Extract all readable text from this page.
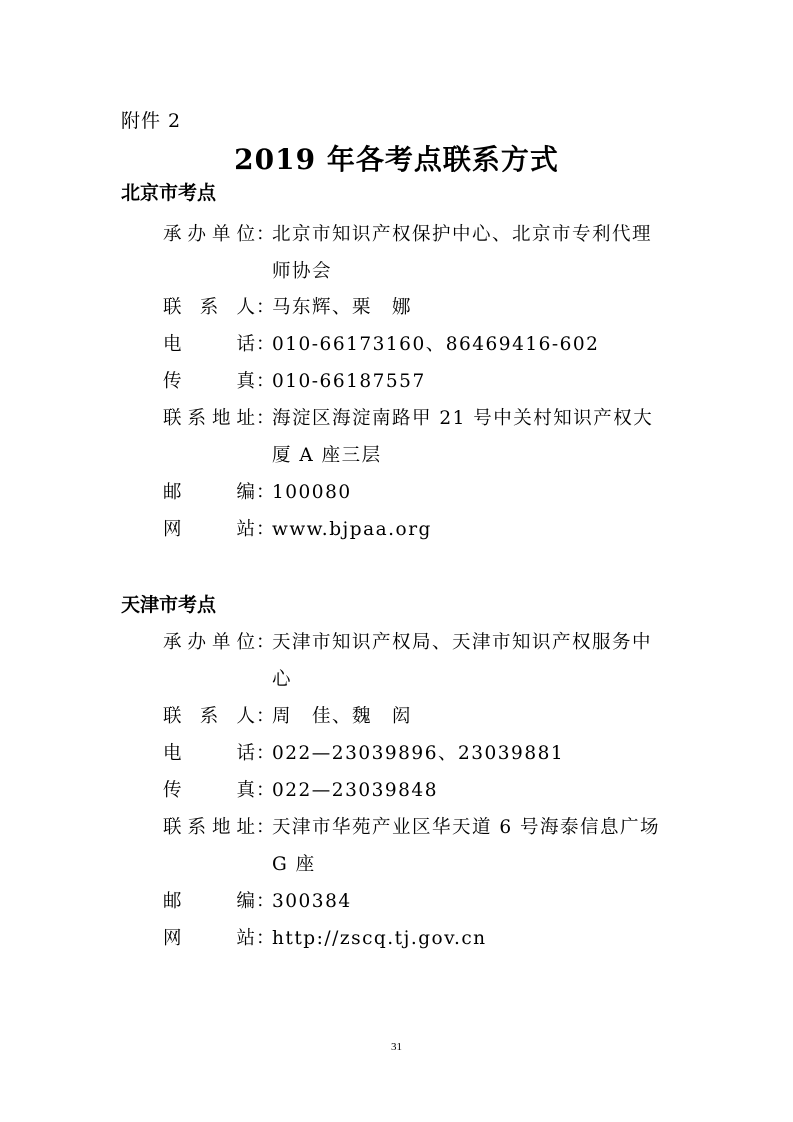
附件 2
2019 年各考点联系方式
北京市考点
承 办 单 位 ：
北京市知识产权保护中心、北京市专利代理
师协会
联 系 人 ：
马东辉、栗　娜
电	话 ：
010-66173160、86469416-602
传	真 ：
010-66187557
联 系 地 址 ：
海淀区海淀南路甲 21 号中关村知识产权大
厦 A 座三层
邮	编 ：
100080
网	站 ：
www.bjpaa.org
天津市考点
承 办 单 位 ：
天津市知识产权局、天津市知识产权服务中
心
联 系 人 ：
周　佳、魏　闳
电	话 ：
022—23039896、23039881
传	真 ：
022—23039848
联 系 地 址 ：
天津市华苑产业区华天道 6 号海泰信息广场
G 座
邮	编 ：
300384
网	站 ：
http://zscq.tj.gov.cn
31
